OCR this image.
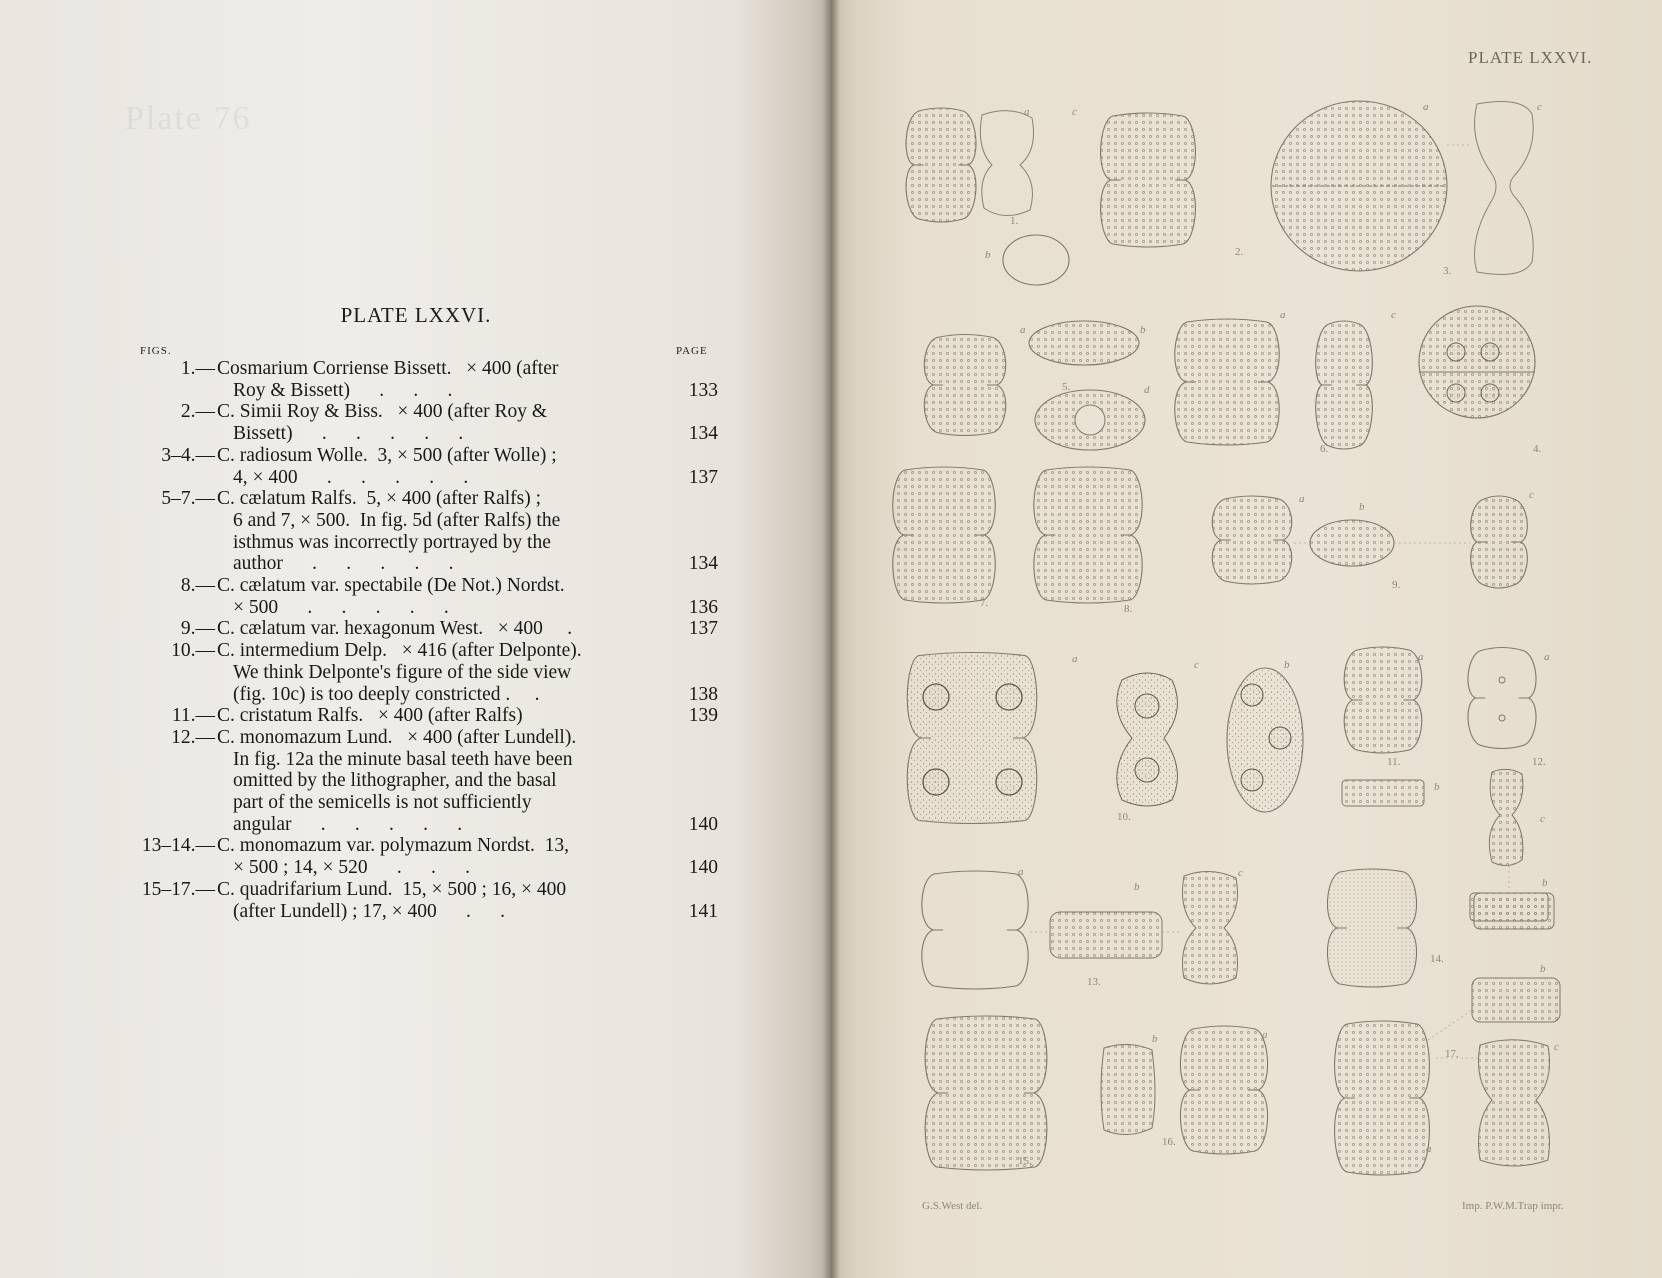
Plate 76
PLATE LXXVI.
FIGS.	PAGE
1.— Cosmarium Corriense Bissett.   × 400 (after
Roy & Bissett)      .      .      .	133
2.— C. Simii Roy & Biss.   × 400 (after Roy &
Bissett)      .      .      .      .      .	134
3–4.— C. radiosum Wolle.  3, × 500 (after Wolle) ;
4, × 400      .      .      .      .      .	137
5–7.— C. cælatum Ralfs.  5, × 400 (after Ralfs) ;
6 and 7, × 500.  In fig. 5d (after Ralfs) the
isthmus was incorrectly portrayed by the
author      .      .      .      .      .	134
8.— C. cælatum var. spectabile (De Not.) Nordst.
× 500      .      .      .      .      .	136
9.— C. cælatum var. hexagonum West.   × 400     .	137
10.— C. intermedium Delp.   × 416 (after Delponte).
We think Delponte's figure of the side view
(fig. 10c) is too deeply constricted .     .	138
11.— C. cristatum Ralfs.   × 400 (after Ralfs)	139
12.— C. monomazum Lund.   × 400 (after Lundell).
In fig. 12a the minute basal teeth have been
omitted by the lithographer, and the basal
part of the semicells is not sufficiently
angular      .      .      .      .      .	140
13–14.— C. monomazum var. polymazum Nordst.  13,
× 500 ; 14, × 520      .      .      .	140
15–17.— C. quadrifarium Lund.  15, × 500 ; 16, × 400
(after Lundell) ; 17, × 400      .      .	141
PLATE LXXVI.
G.S.West del.	Imp. P.W.M.Trap impr.
a	c
b
1.
2.
a	c
3.
a	b
d
5.
a	c
6.	4.
7.	8.
a
b
c
9.
a	c	b
10.
a
b
11.
a
12.
c
b
a
b
c
13.
14.
15.
b	a
16.
a
b
c
17.
